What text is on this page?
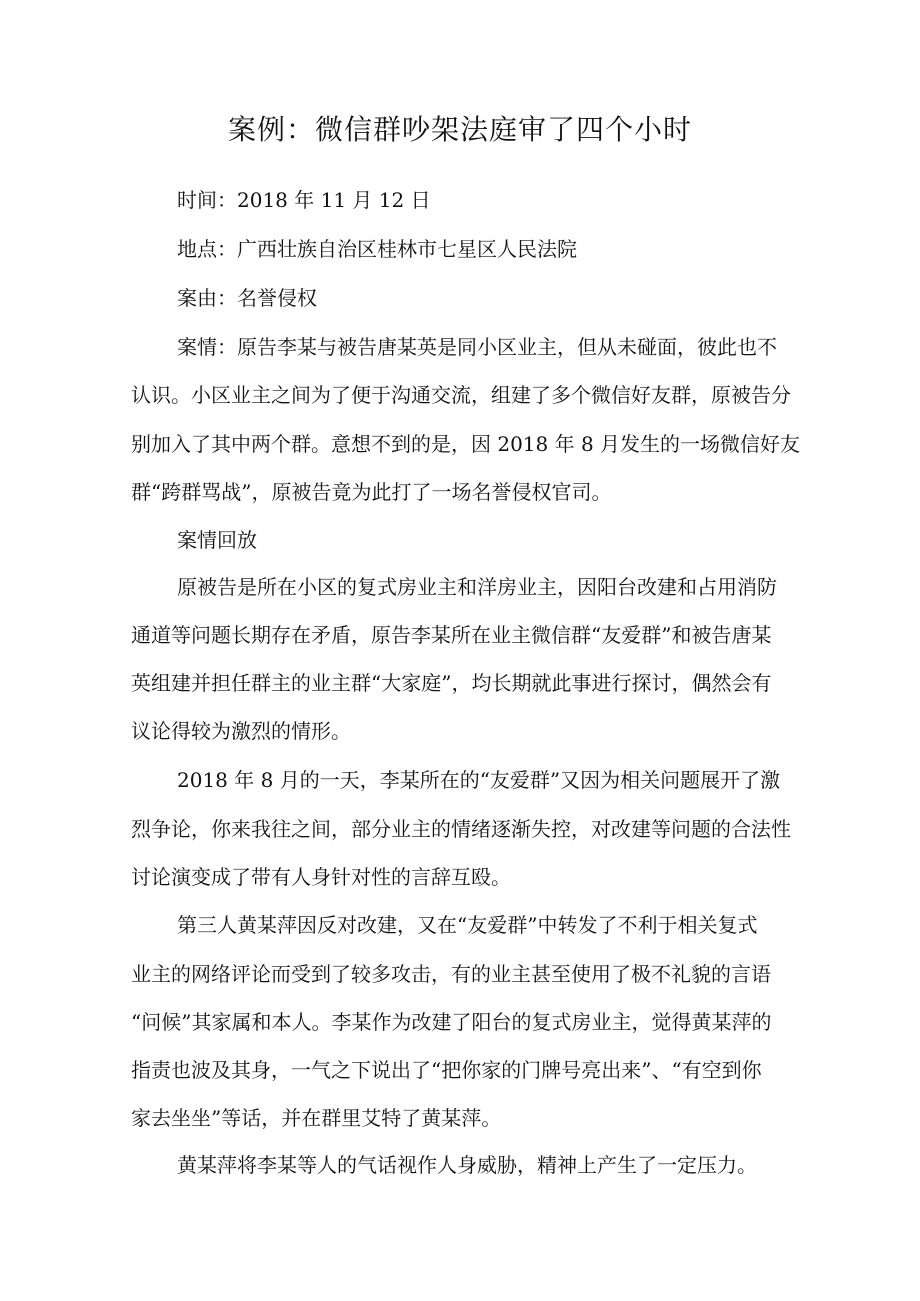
案例：微信群吵架法庭审了四个小时

时间：2018 年 11 月 12 日

地点：广西壮族自治区桂林市七星区人民法院

案由：名誉侵权

案情：原告李某与被告唐某英是同小区业主，但从未碰面，彼此也不

认识。小区业主之间为了便于沟通交流，组建了多个微信好友群，原被告分

别加入了其中两个群。意想不到的是，因 2018 年 8 月发生的一场微信好友

群“跨群骂战”，原被告竟为此打了一场名誉侵权官司。

案情回放

原被告是所在小区的复式房业主和洋房业主，因阳台改建和占用消防

通道等问题长期存在矛盾，原告李某所在业主微信群“友爱群”和被告唐某

英组建并担任群主的业主群“大家庭”，均长期就此事进行探讨，偶然会有

议论得较为激烈的情形。

2018 年 8 月的一天，李某所在的“友爱群”又因为相关问题展开了激

烈争论，你来我往之间，部分业主的情绪逐渐失控，对改建等问题的合法性

讨论演变成了带有人身针对性的言辞互殴。

第三人黄某萍因反对改建，又在“友爱群”中转发了不利于相关复式

业主的网络评论而受到了较多攻击，有的业主甚至使用了极不礼貌的言语

“问候”其家属和本人。李某作为改建了阳台的复式房业主，觉得黄某萍的

指责也波及其身，一气之下说出了“把你家的门牌号亮出来”、“有空到你

家去坐坐”等话，并在群里艾特了黄某萍。

黄某萍将李某等人的气话视作人身威胁，精神上产生了一定压力。
